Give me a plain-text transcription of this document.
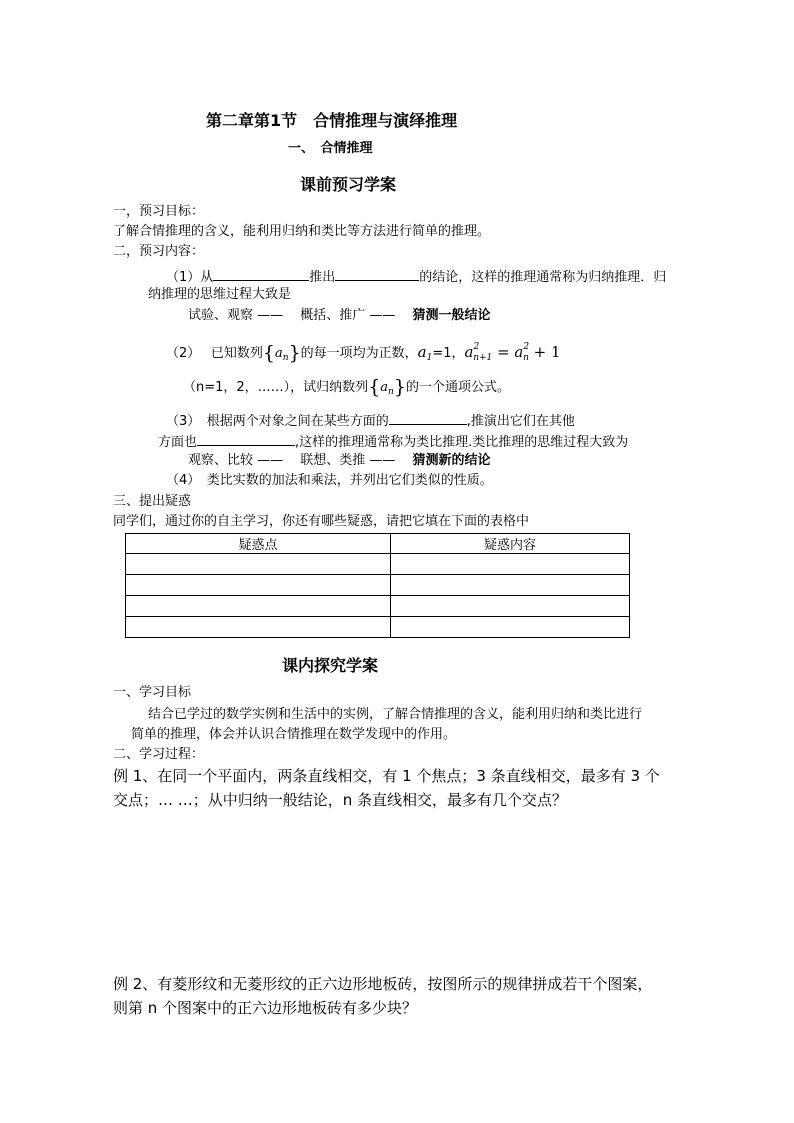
第二章第1节　合情推理与演绎推理
一、　合情推理
课前预习学案
一，预习目标：
了解合情推理的含义，能利用归纳和类比等方法进行简单的推理。
二，预习内容：
（1）从	推出	的结论，这样的推理通常称为归纳推理．归
纳推理的思维过程大致是
试验、观察 ——　 概括、推广 ——　 猜测一般结论
（2）　 已知数列$\{a_n\}$的每一项均为正数，$a_1=1$，$a^2_{n+1} = a^2_n + 1$
（n=1，2，……），试归纳数列$\{a_n\}$的一个通项公式。
（3）　根据两个对象之间在某些方面的	,推演出它们在其他
方面也	,这样的推理通常称为类比推理.类比推理的思维过程大致为
观察、比较 ——　 联想、类推 ——　 猜测新的结论
（4）　类比实数的加法和乘法，并列出它们类似的性质。
三、提出疑惑
同学们，通过你的自主学习，你还有哪些疑惑，请把它填在下面的表格中
疑惑点	疑惑内容

课内探究学案
一、学习目标
结合已学过的数学实例和生活中的实例，了解合情推理的含义，能利用归纳和类比进行
简单的推理，体会并认识合情推理在数学发现中的作用。
二、学习过程：
例 1、在同一个平面内，两条直线相交，有 1 个焦点；3 条直线相交，最多有 3 个
交点；… …；从中归纳一般结论，n 条直线相交，最多有几个交点？
例 2、有菱形纹和无菱形纹的正六边形地板砖，按图所示的规律拼成若干个图案，
则第 n 个图案中的正六边形地板砖有多少块？
